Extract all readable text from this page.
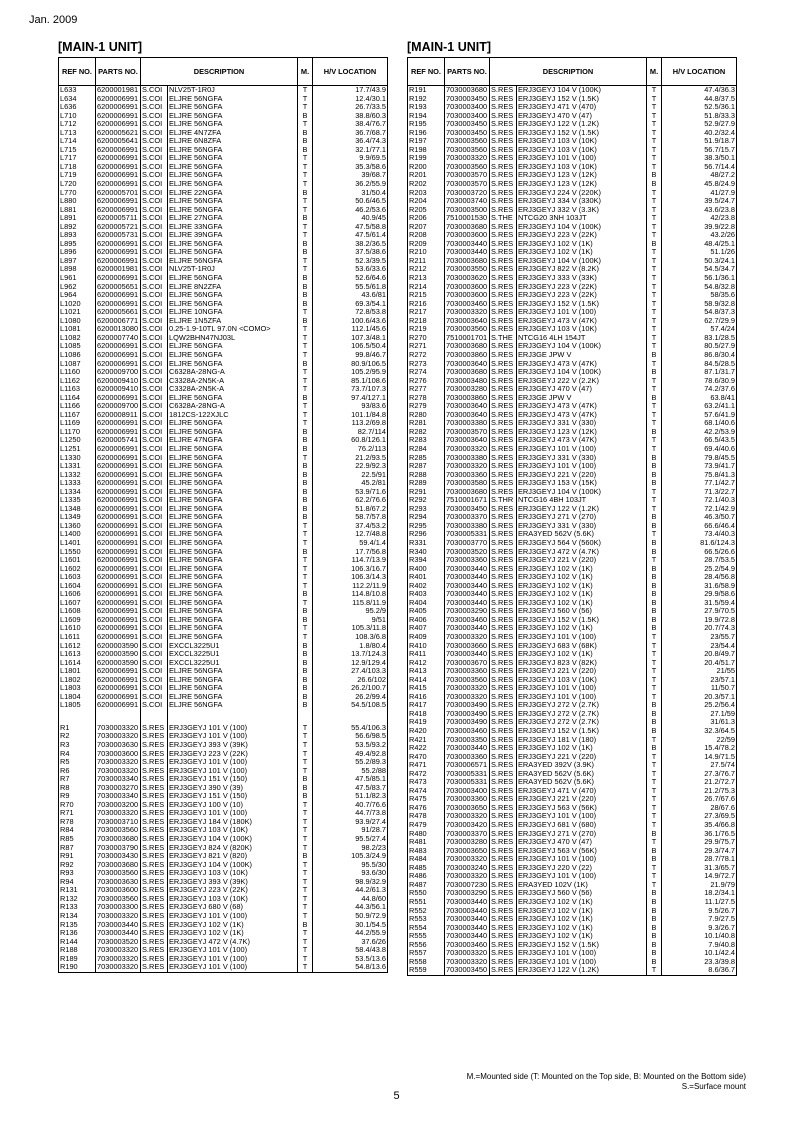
Jan. 2009
[MAIN-1 UNIT]	[MAIN-1 UNIT]
REF NO.	PARTS NO.	DESCRIPTION		M.	H/V LOCATION
L633	6200001981	S.COI	NLV25T-1R0J	T	17.7/43.9
L634	6200006991	S.COI	ELJRE 56NGFA	T	12.4/30.1
L636	6200006991	S.COI	ELJRE 56NGFA	T	26.7/33.5
L710	6200006991	S.COI	ELJRE 56NGFA	B	38.8/60.3
L712	6200006991	S.COI	ELJRE 56NGFA	T	38.4/76.7
L713	6200005621	S.COI	ELJRE 4N7ZFA	B	36.7/68.7
L714	6200005641	S.COI	ELJRE 6N8ZFA	B	36.4/74.3
L715	6200006991	S.COI	ELJRE 56NGFA	B	32.1/77.1
L717	6200006991	S.COI	ELJRE 56NGFA	T	9.9/69.5
L718	6200006991	S.COI	ELJRE 56NGFA	T	35.3/58.6
L719	6200006991	S.COI	ELJRE 56NGFA	T	39/68.7
L720	6200006991	S.COI	ELJRE 56NGFA	T	36.2/55.9
L770	6200005701	S.COI	ELJRE 22NGFA	B	31/50.4
L880	6200006991	S.COI	ELJRE 56NGFA	T	50.6/46.5
L881	6200006991	S.COI	ELJRE 56NGFA	T	46.2/53.6
L891	6200005711	S.COI	ELJRE 27NGFA	B	40.9/45
L892	6200005721	S.COI	ELJRE 33NGFA	T	47.5/58.8
L893	6200005731	S.COI	ELJRE 39NGFA	T	47.5/61.4
L895	6200006991	S.COI	ELJRE 56NGFA	B	38.2/36.5
L896	6200006991	S.COI	ELJRE 56NGFA	B	37.5/38.6
L897	6200006991	S.COI	ELJRE 56NGFA	T	52.3/39.5
L898	6200001981	S.COI	NLV25T-1R0J	T	53.6/33.6
L961	6200006991	S.COI	ELJRE 56NGFA	B	52.6/64.6
L962	6200005651	S.COI	ELJRE 8N2ZFA	B	55.5/61.8
L964	6200006991	S.COI	ELJRE 56NGFA	B	43.6/81
L1020	6200006991	S.COI	ELJRE 56NGFA	B	69.3/54.1
L1021	6200005661	S.COI	ELJRE 10NGFA	T	72.8/53.8
L1080	6200006771	S.COI	ELJRE 1N5ZFA	B	100.6/43.6
L1081	6200013080	S.COI	0.25-1.9-10TL 97.0N <COMO>	T	112.1/45.6
L1082	6200007740	S.COI	LQW2BHN47NJ03L	T	107.3/48.1
L1085	6200006991	S.COI	ELJRE 56NGFA	T	106.5/50.4
L1086	6200006991	S.COI	ELJRE 56NGFA	T	99.8/46.7
L1087	6200006991	S.COI	ELJRE 56NGFA	B	80.9/106.5
L1160	6200009700	S.COI	C6328A-28NG-A	T	105.2/95.9
L1162	6200009410	S.COI	C3328A-2N5K-A	T	85.1/108.6
L1163	6200009410	S.COI	C3328A-2N5K-A	T	73.7/107.3
L1164	6200006991	S.COI	ELJRE 56NGFA	B	97.4/127.1
L1166	6200009700	S.COI	C6328A-28NG-A	T	93/83.6
L1167	6200008911	S.COI	1812CS-122XJLC	T	101.1/84.8
L1169	6200006991	S.COI	ELJRE 56NGFA	T	113.2/69.8
L1170	6200006991	S.COI	ELJRE 56NGFA	B	82.7/114
L1250	6200005741	S.COI	ELJRE 47NGFA	B	60.8/126.1
L1251	6200006991	S.COI	ELJRE 56NGFA	B	76.2/113
L1330	6200006991	S.COI	ELJRE 56NGFA	T	21.2/93.5
L1331	6200006991	S.COI	ELJRE 56NGFA	B	22.9/92.3
L1332	6200006991	S.COI	ELJRE 56NGFA	B	22.5/91
L1333	6200006991	S.COI	ELJRE 56NGFA	B	45.2/81
L1334	6200006991	S.COI	ELJRE 56NGFA	B	53.9/71.6
L1335	6200006991	S.COI	ELJRE 56NGFA	B	62.2/76.6
L1348	6200006991	S.COI	ELJRE 56NGFA	B	51.8/67.2
L1349	6200006991	S.COI	ELJRE 56NGFA	B	58.7/57.8
L1360	6200006991	S.COI	ELJRE 56NGFA	T	37.4/53.2
L1400	6200006991	S.COI	ELJRE 56NGFA	T	12.7/48.8
L1401	6200006991	S.COI	ELJRE 56NGFA	T	59.4/1.4
L1550	6200006991	S.COI	ELJRE 56NGFA	B	17.7/56.8
L1601	6200006991	S.COI	ELJRE 56NGFA	T	114.7/13.9
L1602	6200006991	S.COI	ELJRE 56NGFA	T	106.3/16.7
L1603	6200006991	S.COI	ELJRE 56NGFA	T	106.3/14.3
L1604	6200006991	S.COI	ELJRE 56NGFA	T	112.2/11.9
L1606	6200006991	S.COI	ELJRE 56NGFA	B	114.8/10.8
L1607	6200006991	S.COI	ELJRE 56NGFA	T	115.8/11.9
L1608	6200006991	S.COI	ELJRE 56NGFA	B	95.2/9
L1609	6200006991	S.COI	ELJRE 56NGFA	B	9/51
L1610	6200006991	S.COI	ELJRE 56NGFA	T	105.3/11.8
L1611	6200006991	S.COI	ELJRE 56NGFA	T	108.3/6.8
L1612	6200003590	S.COI	EXCCL3225U1	B	1.8/80.4
L1613	6200003590	S.COI	EXCCL3225U1	B	13.7/124.3
L1614	6200003590	S.COI	EXCCL3225U1	B	12.9/129.4
L1801	6200006991	S.COI	ELJRE 56NGFA	B	27.4/103.3
L1802	6200006991	S.COI	ELJRE 56NGFA	B	26.6/102
L1803	6200006991	S.COI	ELJRE 56NGFA	B	26.2/100.7
L1804	6200006991	S.COI	ELJRE 56NGFA	B	26.2/99.4
L1805	6200006991	S.COI	ELJRE 56NGFA	B	54.5/108.5

R1	7030003320	S.RES	ERJ3GEYJ 101 V (100)	T	55.4/106.3
R2	7030003320	S.RES	ERJ3GEYJ 101 V (100)	T	56.6/98.5
R3	7030003630	S.RES	ERJ3GEYJ 393 V (39K)	T	53.5/93.2
R4	7030003600	S.RES	ERJ3GEYJ 223 V (22K)	T	49.4/92.8
R5	7030003320	S.RES	ERJ3GEYJ 101 V (100)	T	55.2/89.3
R6	7030003320	S.RES	ERJ3GEYJ 101 V (100)	T	55.2/88
R7	7030003340	S.RES	ERJ3GEYJ 151 V (150)	B	47.5/85.1
R8	7030003270	S.RES	ERJ3GEYJ 390 V (39)	B	47.5/83.7
R9	7030003340	S.RES	ERJ3GEYJ 151 V (150)	B	51.1/82.3
R70	7030003200	S.RES	ERJ3GEYJ 100 V (10)	T	40.7/76.6
R71	7030003320	S.RES	ERJ3GEYJ 101 V (100)	T	44.7/73.8
R78	7030003710	S.RES	ERJ3GEYJ 184 V (180K)	T	93.9/27.4
R84	7030003560	S.RES	ERJ3GEYJ 103 V (10K)	T	91/28.7
R85	7030003680	S.RES	ERJ3GEYJ 104 V (100K)	T	95.5/27.4
R87	7030003790	S.RES	ERJ3GEYJ 824 V (820K)	T	98.2/23
R91	7030003430	S.RES	ERJ3GEYJ 821 V (820)	B	105.3/24.9
R92	7030003680	S.RES	ERJ3GEYJ 104 V (100K)	T	95.5/30
R93	7030003560	S.RES	ERJ3GEYJ 103 V (10K)	T	93.6/30
R94	7030003630	S.RES	ERJ3GEYJ 393 V (39K)	T	98.9/32.9
R131	7030003600	S.RES	ERJ3GEYJ 223 V (22K)	T	44.2/61.3
R132	7030003560	S.RES	ERJ3GEYJ 103 V (10K)	T	44.8/60
R133	7030003300	S.RES	ERJ3GEYJ 680 V (68)	T	44.3/56.1
R134	7030003320	S.RES	ERJ3GEYJ 101 V (100)	T	50.9/72.9
R135	7030003440	S.RES	ERJ3GEYJ 102 V (1K)	B	30.1/54.5
R136	7030003440	S.RES	ERJ3GEYJ 102 V (1K)	T	44.2/55.9
R144	7030003520	S.RES	ERJ3GEYJ 472 V (4.7K)	T	37.6/26
R188	7030003320	S.RES	ERJ3GEYJ 101 V (100)	T	58.4/43.8
R189	7030003320	S.RES	ERJ3GEYJ 101 V (100)	T	53.5/13.6
R190	7030003320	S.RES	ERJ3GEYJ 101 V (100)	T	54.8/13.6
REF NO.	PARTS NO.	DESCRIPTION		M.	H/V LOCATION
R191	7030003680	S.RES	ERJ3GEYJ 104 V (100K)	T	47.4/36.3
R192	7030003450	S.RES	ERJ3GEYJ 152 V (1.5K)	T	44.8/37.5
R193	7030003400	S.RES	ERJ3GEYJ 471 V (470)	T	52.5/36.1
R194	7030003400	S.RES	ERJ3GEYJ 470 V (47)	T	51.8/33.3
R195	7030003450	S.RES	ERJ3GEYJ 122 V (1.2K)	T	52.9/27.9
R196	7030003450	S.RES	ERJ3GEYJ 152 V (1.5K)	T	40.2/32.4
R197	7030003560	S.RES	ERJ3GEYJ 103 V (10K)	T	51.9/18.7
R198	7030003560	S.RES	ERJ3GEYJ 103 V (10K)	T	56.7/15.7
R199	7030003320	S.RES	ERJ3GEYJ 101 V (100)	T	38.3/50.1
R200	7030003560	S.RES	ERJ3GEYJ 103 V (10K)	T	56.7/14.4
R201	7030003570	S.RES	ERJ3GEYJ 123 V (12K)	B	48/27.2
R202	7030003570	S.RES	ERJ3GEYJ 123 V (12K)	B	45.8/24.9
R203	7030003720	S.RES	ERJ3GEYJ 224 V (220K)	T	41/27.9
R204	7030003740	S.RES	ERJ3GEYJ 334 V (330K)	T	39.5/24.7
R205	7030003500	S.RES	ERJ3GEYJ 332 V (3.3K)	T	43.6/23.8
R206	7510001530	S.THE	NTCG20 3NH 103JT	T	42/23.8
R207	7030003680	S.RES	ERJ3GEYJ 104 V (100K)	T	39.9/22.8
R208	7030003600	S.RES	ERJ3GEYJ 223 V (22K)	T	43.2/26
R209	7030003440	S.RES	ERJ3GEYJ 102 V (1K)	B	48.4/25.1
R210	7030003440	S.RES	ERJ3GEYJ 102 V (1K)	T	51.1/26
R211	7030003680	S.RES	ERJ3GEYJ 104 V (100K)	T	50.3/24.1
R212	7030003550	S.RES	ERJ3GEYJ 822 V (8.2K)	T	54.5/34.7
R213	7030003620	S.RES	ERJ3GEYJ 333 V (33K)	T	56.1/36.1
R214	7030003600	S.RES	ERJ3GEYJ 223 V (22K)	T	54.8/32.8
R215	7030003600	S.RES	ERJ3GEYJ 223 V (22K)	T	58/35.6
R216	7030003460	S.RES	ERJ3GEYJ 152 V (1.5K)	T	58.9/32.8
R217	7030003320	S.RES	ERJ3GEYJ 101 V (100)	T	54.8/37.3
R218	7030003640	S.RES	ERJ3GEYJ 473 V (47K)	T	62.7/29.9
R219	7030003560	S.RES	ERJ3GEYJ 103 V (10K)	T	57.4/24
R270	7510001701	S.THE	NTCG16 4LH 154JT	T	83.1/28.5
R271	7030003680	S.RES	ERJ3GEYJ 104 V (100K)	T	80.5/27.9
R272	7030003860	S.RES	ERJ3GE JPW V	B	86.8/30.4
R273	7030003640	S.RES	ERJ3GEYJ 473 V (47K)	T	84.5/28.5
R274	7030003680	S.RES	ERJ3GEYJ 104 V (100K)	B	87.1/31.7
R276	7030003480	S.RES	ERJ3GEYJ 222 V (2.2K)	T	78.6/30.9
R277	7030003280	S.RES	ERJ3GEYJ 470 V (47)	T	74.2/37.6
R278	7030003860	S.RES	ERJ3GE JPW V	B	63.8/41
R279	7030003640	S.RES	ERJ3GEYJ 473 V (47K)	T	63.2/41.1
R280	7030003640	S.RES	ERJ3GEYJ 473 V (47K)	T	57.6/41.9
R281	7030003380	S.RES	ERJ3GEYJ 331 V (330)	T	68.1/40.6
R282	7030003570	S.RES	ERJ3GEYJ 123 V (12K)	B	42.2/53.9
R283	7030003640	S.RES	ERJ3GEYJ 473 V (47K)	T	66.5/43.5
R284	7030003320	S.RES	ERJ3GEYJ 101 V (100)	T	69.4/40.6
R285	7030003380	S.RES	ERJ3GEYJ 331 V (330)	B	79.8/45.5
R287	7030003320	S.RES	ERJ3GEYJ 101 V (100)	B	73.9/41.7
R288	7030003360	S.RES	ERJ3GEYJ 221 V (220)	B	75.8/41.3
R289	7030003580	S.RES	ERJ3GEYJ 153 V (15K)	B	77.1/42.7
R291	7030003680	S.RES	ERJ3GEYJ 104 V (100K)	T	71.3/22.7
R292	7510001671	S.THR	NTCG16 4BH 103JT	T	72.1/40.3
R293	7030003450	S.RES	ERJ3GEYJ 122 V (1.2K)	T	72.1/42.9
R294	7030003370	S.RES	ERJ3GEYJ 271 V (270)	B	46.3/50.7
R295	7030003380	S.RES	ERJ3GEYJ 331 V (330)	B	66.6/46.4
R296	7030005331	S.RES	ERA3YED 562V (5.6K)	T	73.4/40.3
R331	7030003770	S.RES	ERJ3GEYJ 564 V (560K)	B	81.6/124.3
R340	7030003520	S.RES	ERJ3GEYJ 472 V (4.7K)	B	66.5/26.6
R394	7030003360	S.RES	ERJ3GEYJ 221 V (220)	T	28.7/53.5
R400	7030003440	S.RES	ERJ3GEYJ 102 V (1K)	B	25.2/54.9
R401	7030003440	S.RES	ERJ3GEYJ 102 V (1K)	B	28.4/56.8
R402	7030003440	S.RES	ERJ3GEYJ 102 V (1K)	B	31.6/58.9
R403	7030003440	S.RES	ERJ3GEYJ 102 V (1K)	B	29.9/58.6
R404	7030003440	S.RES	ERJ3GEYJ 102 V (1K)	B	31.5/59.4
R405	7030003290	S.RES	ERJ3GEYJ 560 V (56)	B	27.9/70.5
R406	7030003460	S.RES	ERJ3GEYJ 152 V (1.5K)	B	19.9/72.8
R407	7030003440	S.RES	ERJ3GEYJ 102 V (1K)	B	20.7/74.3
R409	7030003320	S.RES	ERJ3GEYJ 101 V (100)	T	23/55.7
R410	7030003660	S.RES	ERJ3GEYJ 683 V (68K)	T	23/54.4
R411	7030003440	S.RES	ERJ3GEYJ 102 V (1K)	T	20.8/49.7
R412	7030003670	S.RES	ERJ3GEYJ 823 V (82K)	T	20.4/51.7
R413	7030003360	S.RES	ERJ3GEYJ 221 V (220)	T	21/55
R414	7030003560	S.RES	ERJ3GEYJ 103 V (10K)	T	23/57.1
R415	7030003320	S.RES	ERJ3GEYJ 101 V (100)	T	11/50.7
R416	7030003320	S.RES	ERJ3GEYJ 101 V (100)	T	20.3/57.1
R417	7030003490	S.RES	ERJ3GEYJ 272 V (2.7K)	B	25.2/56.4
R418	7030003490	S.RES	ERJ3GEYJ 272 V (2.7K)	B	27.1/59
R419	7030003490	S.RES	ERJ3GEYJ 272 V (2.7K)	B	31/61.3
R420	7030003460	S.RES	ERJ3GEYJ 152 V (1.5K)	B	32.3/64.5
R421	7030003350	S.RES	ERJ3GEYJ 181 V (180)	T	22/59
R422	7030003440	S.RES	ERJ3GEYJ 102 V (1K)	B	15.4/78.2
R470	7030003360	S.RES	ERJ3GEYJ 221 V (220)	T	14.9/71.5
R471	7030006571	S.RES	ERA3YED 392V (3.9K)	T	27.5/74
R472	7030005331	S.RES	ERA3YED 562V (5.6K)	T	27.3/76.7
R473	7030005331	S.RES	ERA3YED 562V (5.6K)	T	21.2/72.7
R474	7030003400	S.RES	ERJ3GEYJ 471 V (470)	T	21.2/75.3
R475	7030003360	S.RES	ERJ3GEYJ 221 V (220)	T	26.7/67.6
R476	7030003650	S.RES	ERJ3GEYJ 563 V (56K)	T	28/67.6
R478	7030003320	S.RES	ERJ3GEYJ 101 V (100)	T	27.3/69.5
R479	7030003420	S.RES	ERJ3GEYJ 681 V (680)	T	35.4/66.8
R480	7030003370	S.RES	ERJ3GEYJ 271 V (270)	B	36.1/76.5
R481	7030003280	S.RES	ERJ3GEYJ 470 V (47)	T	29.9/75.7
R483	7030003650	S.RES	ERJ3GEYJ 563 V (56K)	B	29.3/74.7
R484	7030003320	S.RES	ERJ3GEYJ 101 V (100)	B	28.7/78.1
R485	7030003240	S.RES	ERJ3GEYJ 220 V (22)	T	31.3/65.7
R486	7030003320	S.RES	ERJ3GEYJ 101 V (100)	T	14.9/72.7
R487	7030007230	S.RES	ERA3YED 102V (1K)	T	21.9/79
R550	7030003290	S.RES	ERJ3GEYJ 560 V (56)	B	18.2/34.1
R551	7030003440	S.RES	ERJ3GEYJ 102 V (1K)	B	11.1/27.5
R552	7030003440	S.RES	ERJ3GEYJ 102 V (1K)	B	9.5/26.7
R553	7030003440	S.RES	ERJ3GEYJ 102 V (1K)	B	7.9/27.5
R554	7030003440	S.RES	ERJ3GEYJ 102 V (1K)	B	9.3/26.7
R555	7030003440	S.RES	ERJ3GEYJ 102 V (1K)	B	10.1/40.8
R556	7030003460	S.RES	ERJ3GEYJ 152 V (1.5K)	B	7.9/40.8
R557	7030003320	S.RES	ERJ3GEYJ 101 V (100)	B	10.1/42.4
R558	7030003320	S.RES	ERJ3GEYJ 101 V (100)	B	23.3/39.8
R559	7030003450	S.RES	ERJ3GEYJ 122 V (1.2K)	T	8.6/36.7
M.=Mounted side (T: Mounted on the Top side, B: Mounted on the Bottom side)
S.=Surface mount
5
